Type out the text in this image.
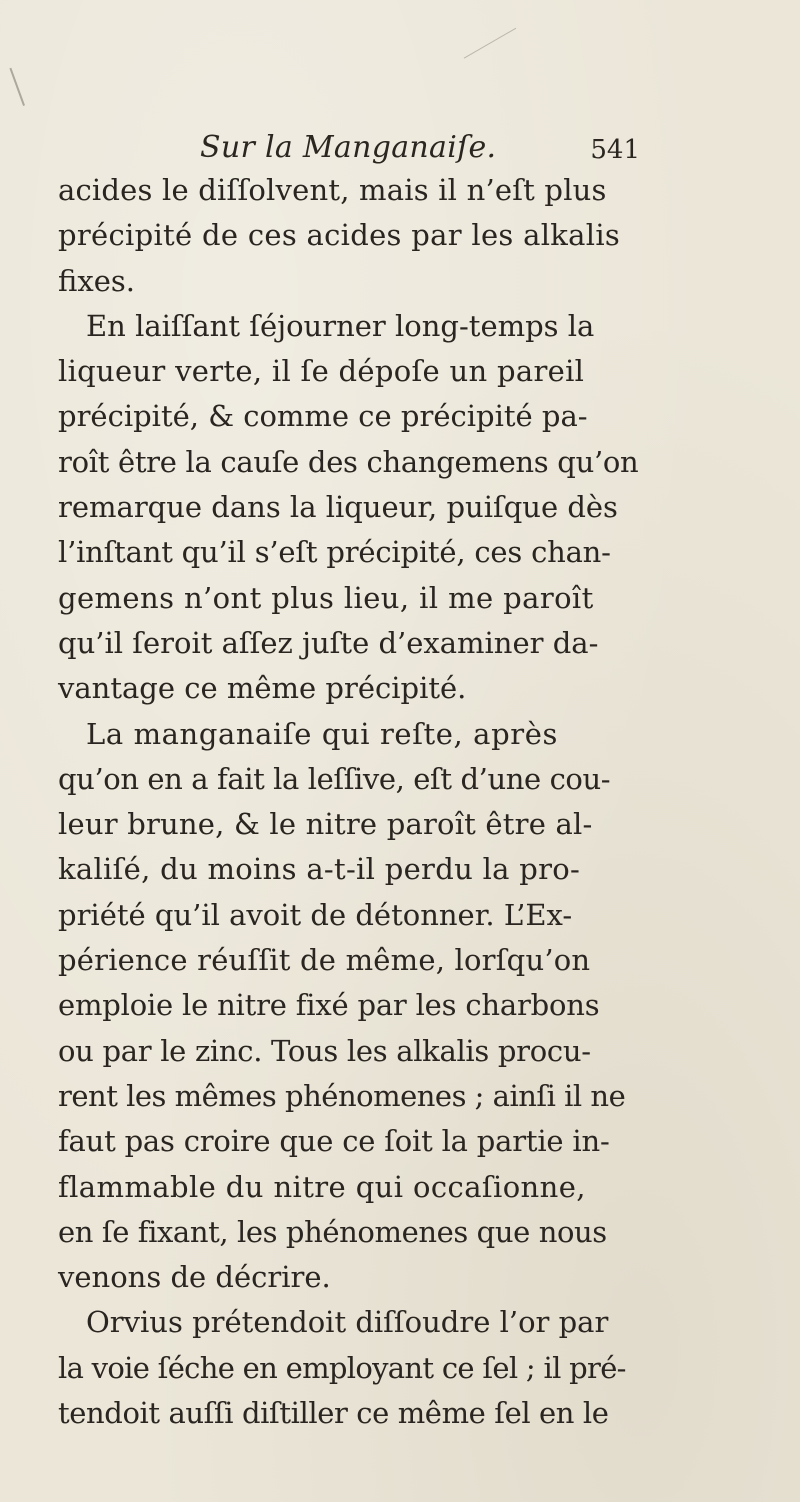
Sur la Manganaiſe.	541
acides le diſſolvent, mais il n’eſt plus
précipité de ces acides par les alkalis
fixes.
En laiſſant ſéjourner long-temps la
liqueur verte, il ſe dépoſe un pareil
précipité, & comme ce précipité pa-
roît être la cauſe des changemens qu’on
remarque dans la liqueur, puiſque dès
l’inſtant qu’il s’eſt précipité, ces chan-
gemens n’ont plus lieu, il me paroît
qu’il ſeroit aſſez juſte d’examiner da-
vantage ce même précipité.
La manganaiſe qui reſte, après
qu’on en a fait la leſſive, eſt d’une cou-
leur brune, & le nitre paroît être al-
kaliſé, du moins a-t-il perdu la pro-
priété qu’il avoit de détonner. L’Ex-
périence réuſſit de même, lorſqu’on
emploie le nitre fixé par les charbons
ou par le zinc. Tous les alkalis procu-
rent les mêmes phénomenes ; ainſi il ne
faut pas croire que ce ſoit la partie in-
flammable du nitre qui occaſionne,
en ſe fixant, les phénomenes que nous
venons de décrire.
Orvius prétendoit diſſoudre l’or par
la voie ſéche en employant ce ſel ; il pré-
tendoit auſſi diſtiller ce même ſel en le
